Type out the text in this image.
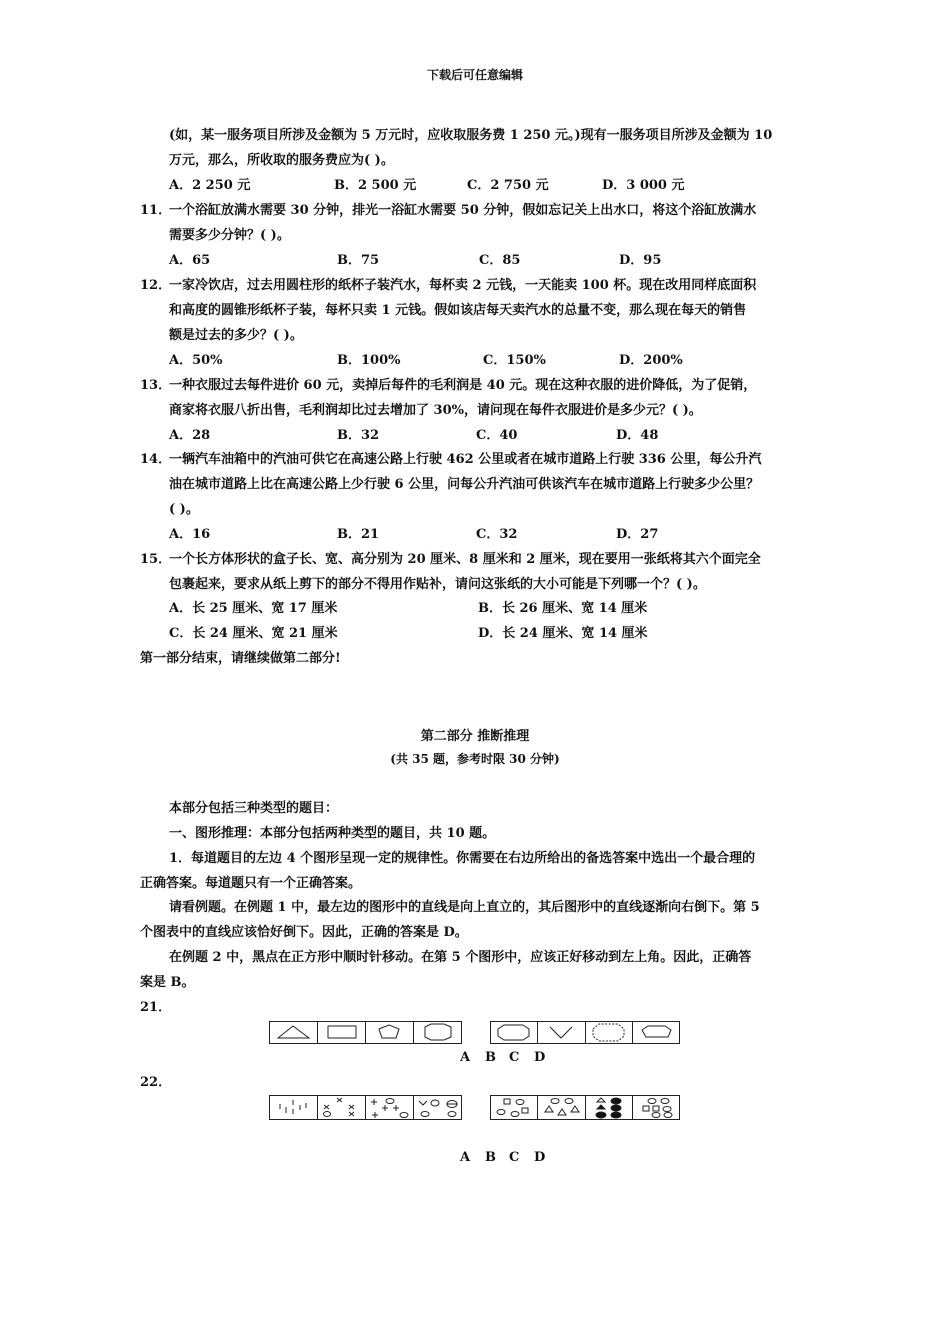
下载后可任意编辑
(如，某一服务项目所涉及金额为 5 万元时，应收取服务费 1 250 元。)现有一服务项目所涉及金额为 10
万元，那么，所收取的服务费应为( )。
A．2 250 元	B．2 500 元	C．2 750 元	D．3 000 元
11．
一个浴缸放满水需要 30 分钟，排光一浴缸水需要 50 分钟，假如忘记关上出水口，将这个浴缸放满水
需要多少分钟？( )。
A．65	B．75	C．85	D．95
12．
一家冷饮店，过去用圆柱形的纸杯子装汽水，每杯卖 2 元钱，一天能卖 100 杯。现在改用同样底面积
和高度的圆锥形纸杯子装，每杯只卖 1 元钱。假如该店每天卖汽水的总量不变，那么现在每天的销售
额是过去的多少？( )。
A．50%	B．100%	C．150%	D．200%
13．
一种衣服过去每件进价 60 元，卖掉后每件的毛利润是 40 元。现在这种衣服的进价降低，为了促销，
商家将衣服八折出售，毛利润却比过去增加了 30%，请问现在每件衣服进价是多少元？( )。
A．28	B．32	C．40	D．48
14．
一辆汽车油箱中的汽油可供它在高速公路上行驶 462 公里或者在城市道路上行驶 336 公里，每公升汽
油在城市道路上比在高速公路上少行驶 6 公里，问每公升汽油可供该汽车在城市道路上行驶多少公里？
( )。
A．16	B．21	C．32	D．27
15．
一个长方体形状的盒子长、宽、高分别为 20 厘米、8 厘米和 2 厘米，现在要用一张纸将其六个面完全
包裹起来，要求从纸上剪下的部分不得用作贴补，请问这张纸的大小可能是下列哪一个？( )。
A．长 25 厘米、宽 17 厘米	B．长 26 厘米、宽 14 厘米
C．长 24 厘米、宽 21 厘米	D．长 24 厘米、宽 14 厘米
第一部分结束，请继续做第二部分!
第二部分 推断推理
(共 35 题，参考时限 30 分钟)
本部分包括三种类型的题目：
一、图形推理：本部分包括两种类型的题目，共 10 题。
1．每道题目的左边 4 个图形呈现一定的规律性。你需要在右边所给出的备选答案中选出一个最合理的
正确答案。每道题只有一个正确答案。
请看例题。在例题 1 中，最左边的图形中的直线是向上直立的，其后图形中的直线逐渐向右倒下。第 5
个图表中的直线应该恰好倒下。因此，正确的答案是 D。
在例题 2 中，黑点在正方形中顺时针移动。在第 5 个图形中，应该正好移动到左上角。因此，正确答
案是 B。
21．
A B C D
22．
A B C D
